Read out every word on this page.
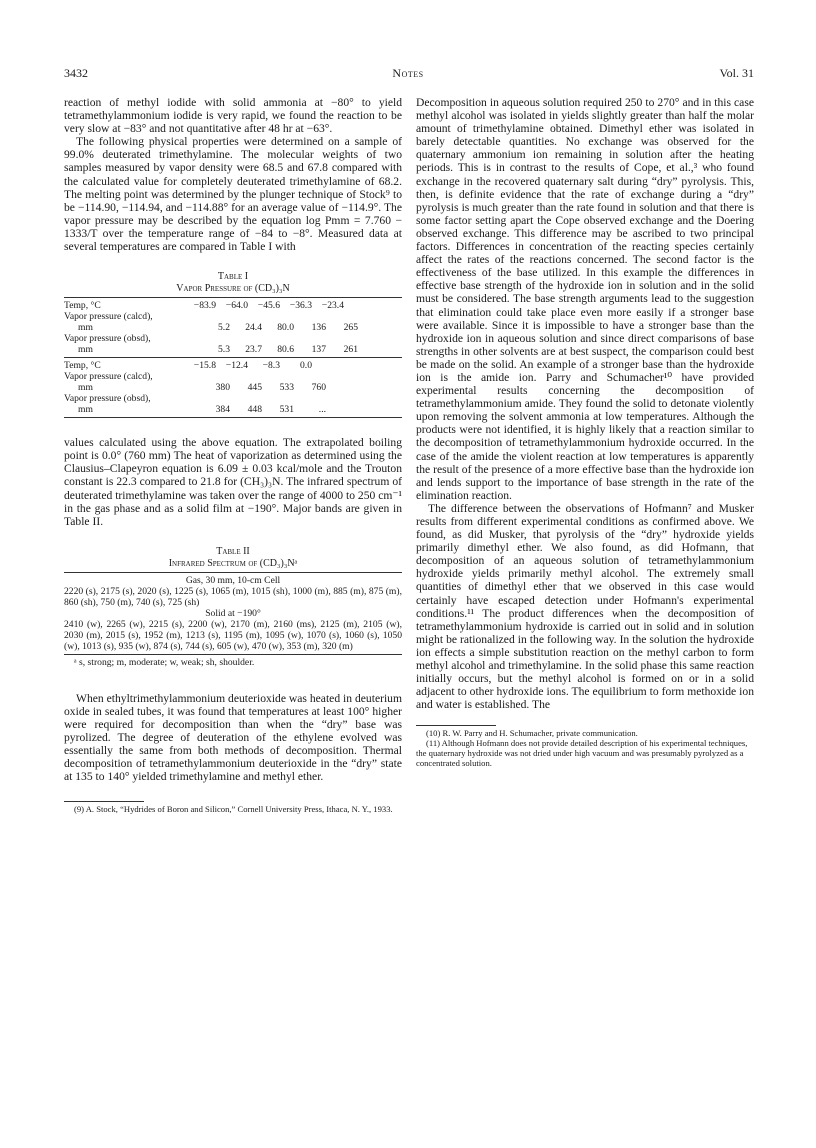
3432	Notes	Vol. 31

reaction of methyl iodide with solid ammonia at −80° to yield tetramethylammonium iodide is very rapid, we found the reaction to be very slow at −83° and not quantitative after 48 hr at −63°.

The following physical properties were determined on a sample of 99.0% deuterated trimethylamine. The molecular weights of two samples measured by vapor density were 68.5 and 67.8 compared with the calculated value for completely deuterated trimethylamine of 68.2. The melting point was determined by the plunger technique of Stock⁹ to be −114.90, −114.94, and −114.88° for an average value of −114.9°. The vapor pressure may be described by the equation log Pmm = 7.760 − 1333/T over the temperature range of −84 to −8°. Measured data at several temperatures are compared in Table I with

Table I

Vapor Pressure of (CD₃)₃N

Temp, °C	−83.9	−64.0	−45.6	−36.3	−23.4
Vapor pressure (calcd),
mm	5.2	24.4	80.0	136	265
Vapor pressure (obsd),
mm	5.3	23.7	80.6	137	261
Temp, °C	−15.8	−12.4	−8.3	0.0
Vapor pressure (calcd),
mm	380	445	533	760
Vapor pressure (obsd),
mm	384	448	531	...

values calculated using the above equation. The extrapolated boiling point is 0.0° (760 mm) The heat of vaporization as determined using the Clausius–Clapeyron equation is 6.09 ± 0.03 kcal/mole and the Trouton constant is 22.3 compared to 21.8 for (CH₃)₃N. The infrared spectrum of deuterated trimethylamine was taken over the range of 4000 to 250 cm⁻¹ in the gas phase and as a solid film at −190°. Major bands are given in Table II.

Table II

Infrared Spectrum of (CD₃)₃Nᵃ

Gas, 30 mm, 10-cm Cell
2220 (s), 2175 (s), 2020 (s), 1225 (s), 1065 (m), 1015 (sh), 1000 (m), 885 (m), 875 (m), 860 (sh), 750 (m), 740 (s), 725 (sh)
Solid at −190°
2410 (w), 2265 (w), 2215 (s), 2200 (w), 2170 (m), 2160 (ms), 2125 (m), 2105 (w), 2030 (m), 2015 (s), 1952 (m), 1213 (s), 1195 (m), 1095 (w), 1070 (s), 1060 (s), 1050 (w), 1013 (s), 935 (w), 874 (s), 744 (s), 605 (w), 470 (w), 353 (m), 320 (m)
ᵃ s, strong; m, moderate; w, weak; sh, shoulder.

When ethyltrimethylammonium deuterioxide was heated in deuterium oxide in sealed tubes, it was found that temperatures at least 100° higher were required for decomposition than when the “dry” base was pyrolized. The degree of deuteration of the ethylene evolved was essentially the same from both methods of decomposition. Thermal decomposition of tetramethylammonium deuterioxide in the “dry” state at 135 to 140° yielded trimethylamine and methyl ether.

(9) A. Stock, “Hydrides of Boron and Silicon,” Cornell University Press, Ithaca, N. Y., 1933.

Decomposition in aqueous solution required 250 to 270° and in this case methyl alcohol was isolated in yields slightly greater than half the molar amount of trimethylamine obtained. Dimethyl ether was isolated in barely detectable quantities. No exchange was observed for the quaternary ammonium ion remaining in solution after the heating periods. This is in contrast to the results of Cope, et al.,³ who found exchange in the recovered quaternary salt during “dry” pyrolysis. This, then, is definite evidence that the rate of exchange during a “dry” pyrolysis is much greater than the rate found in solution and that there is some factor setting apart the Cope observed exchange and the Doering observed exchange. This difference may be ascribed to two principal factors. Differences in concentration of the reacting species certainly affect the rates of the reactions concerned. The second factor is the effectiveness of the base utilized. In this example the differences in effective base strength of the hydroxide ion in solution and in the solid must be considered. The base strength arguments lead to the suggestion that elimination could take place even more easily if a stronger base were available. Since it is impossible to have a stronger base than the hydroxide ion in aqueous solution and since direct comparisons of base strengths in other solvents are at best suspect, the comparison could best be made on the solid. An example of a stronger base than the hydroxide ion is the amide ion. Parry and Schumacher¹⁰ have provided experimental results concerning the decomposition of tetramethylammonium amide. They found the solid to detonate violently upon removing the solvent ammonia at low temperatures. Although the products were not identified, it is highly likely that a reaction similar to the decomposition of tetramethylammonium hydroxide occurred. In the case of the amide the violent reaction at low temperatures is apparently the result of the presence of a more effective base than the hydroxide ion and lends support to the importance of base strength in the rate of the elimination reaction.

The difference between the observations of Hofmann⁷ and Musker results from different experimental conditions as confirmed above. We found, as did Musker, that pyrolysis of the “dry” hydroxide yields primarily dimethyl ether. We also found, as did Hofmann, that decomposition of an aqueous solution of tetramethylammonium hydroxide yields primarily methyl alcohol. The extremely small quantities of dimethyl ether that we observed in this case would certainly have escaped detection under Hofmann's experimental conditions.¹¹ The product differences when the decomposition of tetramethylammonium hydroxide is carried out in solid and in solution might be rationalized in the following way. In the solution the hydroxide ion effects a simple substitution reaction on the methyl carbon to form methyl alcohol and trimethylamine. In the solid phase this same reaction initially occurs, but the methyl alcohol is formed on or in a solid adjacent to other hydroxide ions. The equilibrium to form methoxide ion and water is established. The

(10) R. W. Parry and H. Schumacher, private communication.

(11) Although Hofmann does not provide detailed description of his experimental techniques, the quaternary hydroxide was not dried under high vacuum and was presumably pyrolyzed as a concentrated solution.
